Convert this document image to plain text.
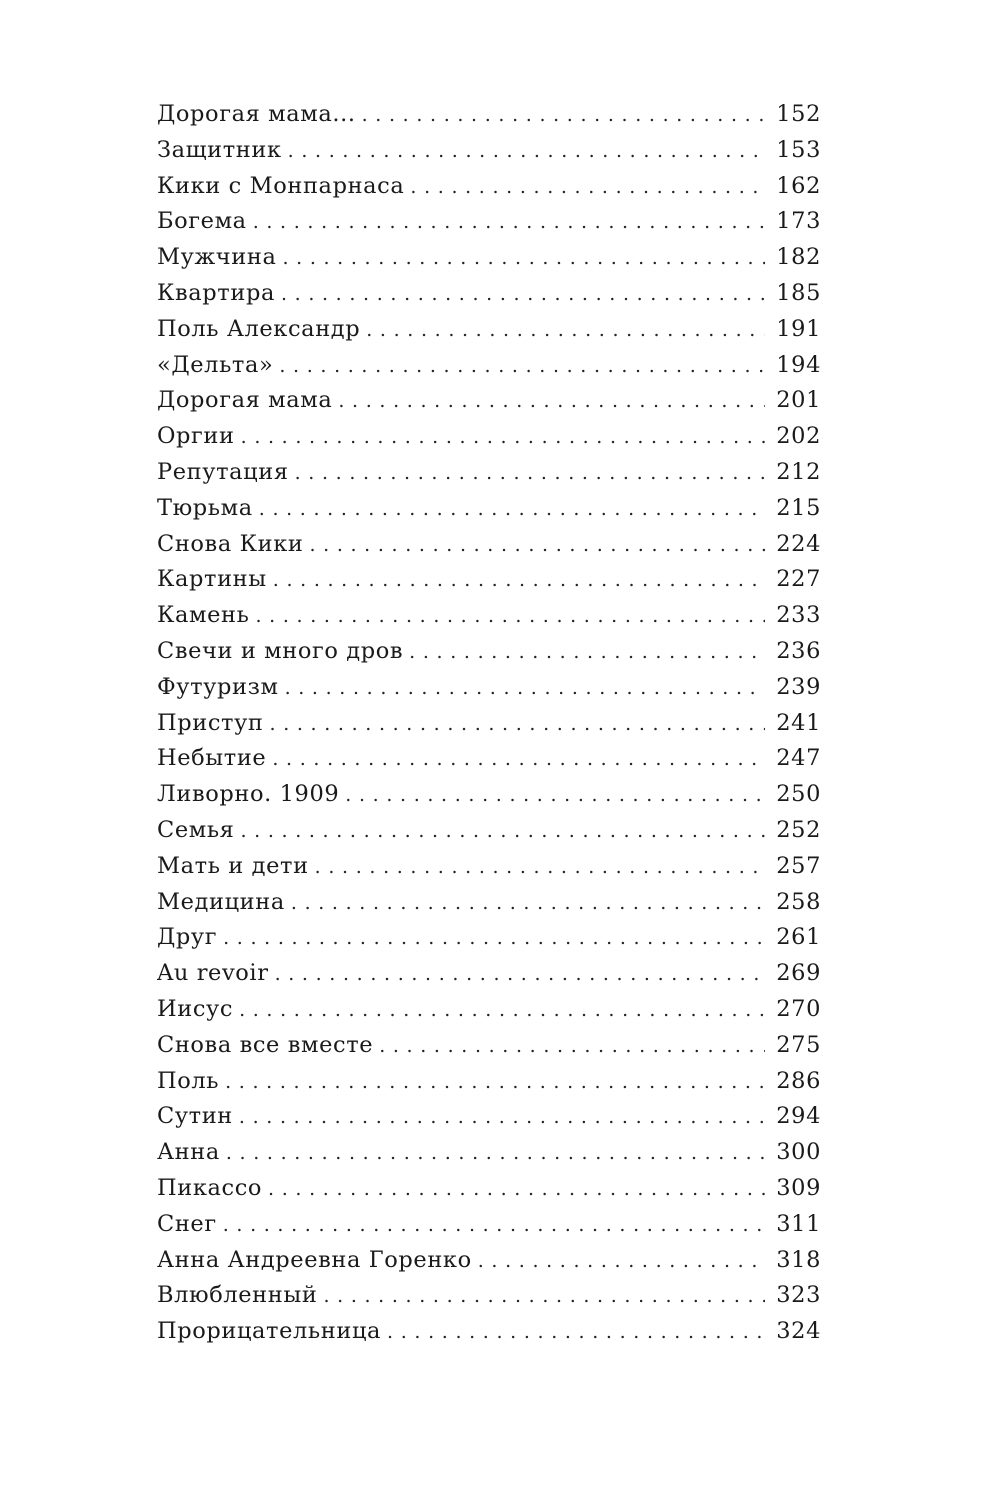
Дорогая мама... . . .	152
Защитник . . .	153
Кики с Монпарнаса . . .	162
Богема . . .	173
Мужчина . . .	182
Квартира . . .	185
Поль Александр . . .	191
«Дельта» . . .	194
Дорогая мама . . .	201
Оргии . . .	202
Репутация . . .	212
Тюрьма . . .	215
Снова Кики . . .	224
Картины . . .	227
Камень . . .	233
Свечи и много дров . . .	236
Футуризм . . .	239
Приступ . . .	241
Небытие . . .	247
Ливорно. 1909 . . .	250
Семья . . .	252
Мать и дети . . .	257
Медицина . . .	258
Друг . . .	261
Au revoir . . .	269
Иисус . . .	270
Снова все вместе . . .	275
Поль . . .	286
Сутин . . .	294
Анна . . .	300
Пикассо . . .	309
Снег . . .	311
Анна Андреевна Горенко . . .	318
Влюбленный . . .	323
Прорицательница . . .	324
